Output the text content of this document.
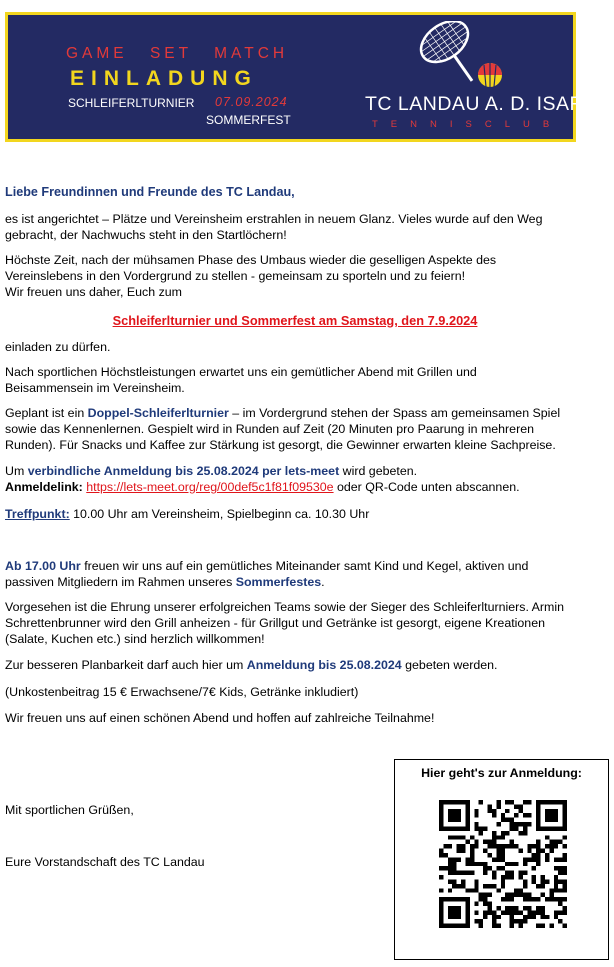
GAME SET MATCH
EINLADUNG
SCHLEIFERLTURNIER 07.09.2024
SOMMERFEST
TC LANDAU A. D. ISAR
TENNISCLUB

Liebe Freundinnen und Freunde des TC Landau,

es ist angerichtet – Plätze und Vereinsheim erstrahlen in neuem Glanz. Vieles wurde auf den Weg gebracht, der Nachwuchs steht in den Startlöchern!

Höchste Zeit, nach der mühsamen Phase des Umbaus wieder die geselligen Aspekte des Vereinslebens in den Vordergrund zu stellen - gemeinsam zu sporteln und zu feiern!
Wir freuen uns daher, Euch zum

Schleiferlturnier und Sommerfest am Samstag, den 7.9.2024

einladen zu dürfen.

Nach sportlichen Höchstleistungen erwartet uns ein gemütlicher Abend mit Grillen und Beisammensein im Vereinsheim.

Geplant ist ein Doppel-Schleiferlturnier – im Vordergrund stehen der Spass am gemeinsamen Spiel sowie das Kennenlernen. Gespielt wird in Runden auf Zeit (20 Minuten pro Paarung in mehreren Runden). Für Snacks und Kaffee zur Stärkung ist gesorgt, die Gewinner erwarten kleine Sachpreise.

Um verbindliche Anmeldung bis 25.08.2024 per lets-meet wird gebeten.
Anmeldelink: https://lets-meet.org/reg/00def5c1f81f09530e oder QR-Code unten abscannen.

Treffpunkt: 10.00 Uhr am Vereinsheim, Spielbeginn ca. 10.30 Uhr

Ab 17.00 Uhr freuen wir uns auf ein gemütliches Miteinander samt Kind und Kegel, aktiven und passiven Mitgliedern im Rahmen unseres Sommerfestes.

Vorgesehen ist die Ehrung unserer erfolgreichen Teams sowie der Sieger des Schleiferlturniers. Armin Schrettenbrunner wird den Grill anheizen - für Grillgut und Getränke ist gesorgt, eigene Kreationen (Salate, Kuchen etc.) sind herzlich willkommen!

Zur besseren Planbarkeit darf auch hier um Anmeldung bis 25.08.2024 gebeten werden.

(Unkostenbeitrag 15 € Erwachsene/7€ Kids, Getränke inkludiert)

Wir freuen uns auf einen schönen Abend und hoffen auf zahlreiche Teilnahme!

Mit sportlichen Grüßen,

Eure Vorstandschaft des TC Landau

Hier geht's zur Anmeldung:
